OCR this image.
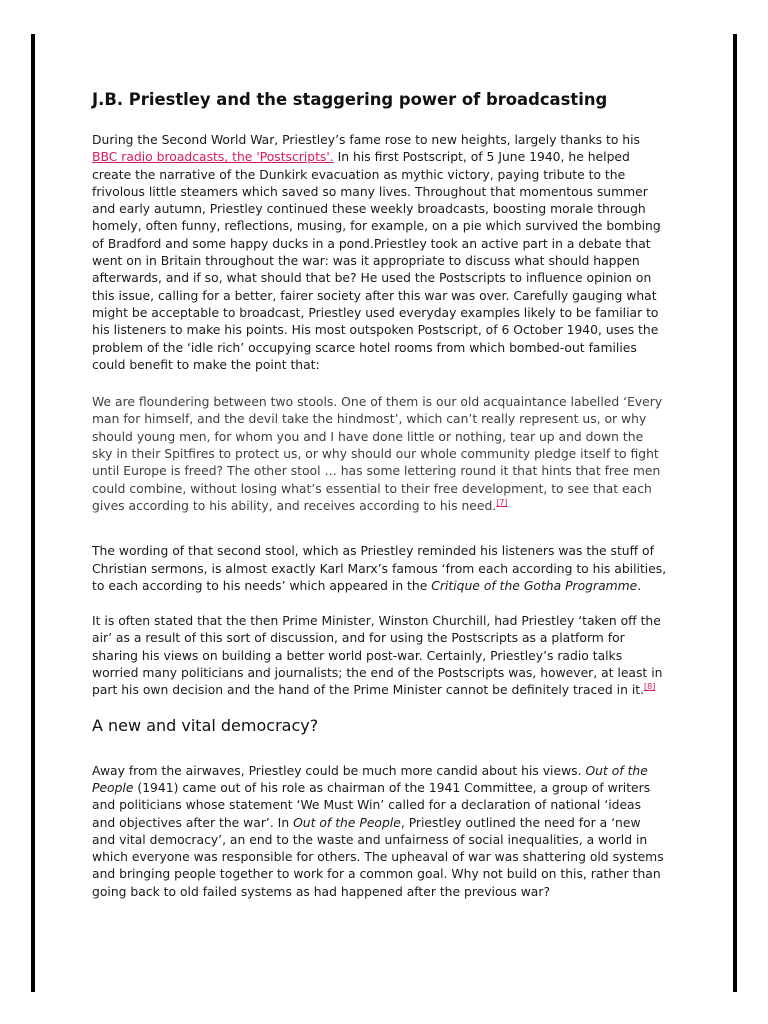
J.B. Priestley and the staggering power of broadcasting

During the Second World War, Priestley’s fame rose to new heights, largely thanks to his
BBC radio broadcasts, the 'Postscripts'. In his first Postscript, of 5 June 1940, he helped
create the narrative of the Dunkirk evacuation as mythic victory, paying tribute to the
frivolous little steamers which saved so many lives. Throughout that momentous summer
and early autumn, Priestley continued these weekly broadcasts, boosting morale through
homely, often funny, reflections, musing, for example, on a pie which survived the bombing
of Bradford and some happy ducks in a pond.Priestley took an active part in a debate that
went on in Britain throughout the war: was it appropriate to discuss what should happen
afterwards, and if so, what should that be? He used the Postscripts to influence opinion on
this issue, calling for a better, fairer society after this war was over. Carefully gauging what
might be acceptable to broadcast, Priestley used everyday examples likely to be familiar to
his listeners to make his points. His most outspoken Postscript, of 6 October 1940, uses the
problem of the ‘idle rich’ occupying scarce hotel rooms from which bombed-out families
could benefit to make the point that:

We are floundering between two stools. One of them is our old acquaintance labelled ‘Every
man for himself, and the devil take the hindmost’, which can’t really represent us, or why
should young men, for whom you and I have done little or nothing, tear up and down the
sky in their Spitfires to protect us, or why should our whole community pledge itself to fight
until Europe is freed? The other stool … has some lettering round it that hints that free men
could combine, without losing what’s essential to their free development, to see that each
gives according to his ability, and receives according to his need.[7]

The wording of that second stool, which as Priestley reminded his listeners was the stuff of
Christian sermons, is almost exactly Karl Marx’s famous ‘from each according to his abilities,
to each according to his needs’ which appeared in the Critique of the Gotha Programme.

It is often stated that the then Prime Minister, Winston Churchill, had Priestley ‘taken off the
air’ as a result of this sort of discussion, and for using the Postscripts as a platform for
sharing his views on building a better world post-war. Certainly, Priestley’s radio talks
worried many politicians and journalists; the end of the Postscripts was, however, at least in
part his own decision and the hand of the Prime Minister cannot be definitely traced in it.[8]

A new and vital democracy?

Away from the airwaves, Priestley could be much more candid about his views. Out of the
People (1941) came out of his role as chairman of the 1941 Committee, a group of writers
and politicians whose statement ‘We Must Win’ called for a declaration of national ‘ideas
and objectives after the war’. In Out of the People, Priestley outlined the need for a ‘new
and vital democracy’, an end to the waste and unfairness of social inequalities, a world in
which everyone was responsible for others. The upheaval of war was shattering old systems
and bringing people together to work for a common goal. Why not build on this, rather than
going back to old failed systems as had happened after the previous war?
